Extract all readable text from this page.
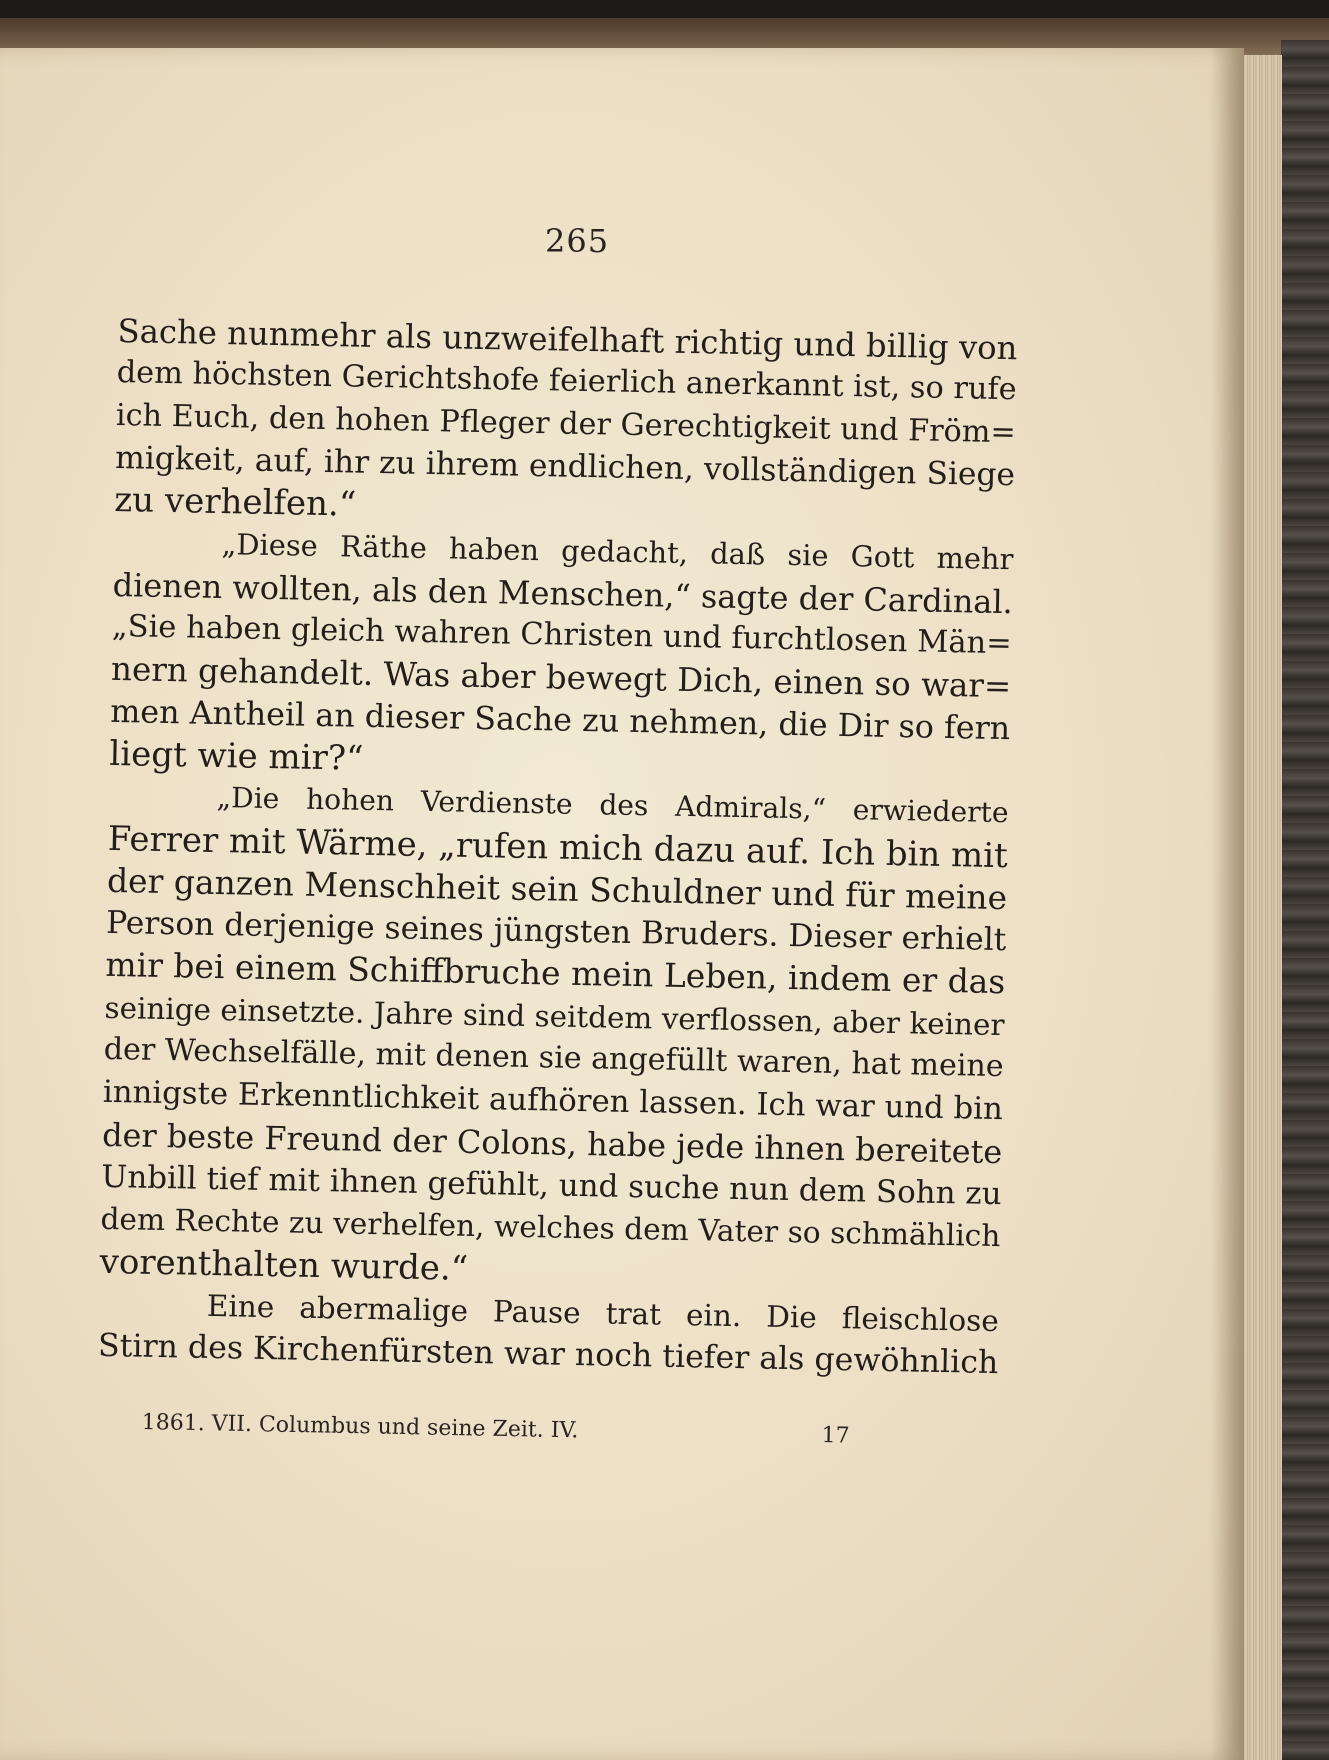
265
Sache nunmehr als unzweifelhaft richtig und billig von
dem höchsten Gerichtshofe feierlich anerkannt ist, so rufe
ich Euch, den hohen Pfleger der Gerechtigkeit und Fröm=
migkeit, auf, ihr zu ihrem endlichen, vollständigen Siege
zu verhelfen.“
„Diese Räthe haben gedacht, daß sie Gott mehr
dienen wollten, als den Menschen,“ sagte der Cardinal.
„Sie haben gleich wahren Christen und furchtlosen Män=
nern gehandelt. Was aber bewegt Dich, einen so war=
men Antheil an dieser Sache zu nehmen, die Dir so fern
liegt wie mir?“
„Die hohen Verdienste des Admirals,“ erwiederte
Ferrer mit Wärme, „rufen mich dazu auf. Ich bin mit
der ganzen Menschheit sein Schuldner und für meine
Person derjenige seines jüngsten Bruders. Dieser erhielt
mir bei einem Schiffbruche mein Leben, indem er das
seinige einsetzte. Jahre sind seitdem verflossen, aber keiner
der Wechselfälle, mit denen sie angefüllt waren, hat meine
innigste Erkenntlichkeit aufhören lassen. Ich war und bin
der beste Freund der Colons, habe jede ihnen bereitete
Unbill tief mit ihnen gefühlt, und suche nun dem Sohn zu
dem Rechte zu verhelfen, welches dem Vater so schmählich
vorenthalten wurde.“
Eine abermalige Pause trat ein. Die fleischlose
Stirn des Kirchenfürsten war noch tiefer als gewöhnlich
1861. VII. Columbus und seine Zeit. IV.	17
